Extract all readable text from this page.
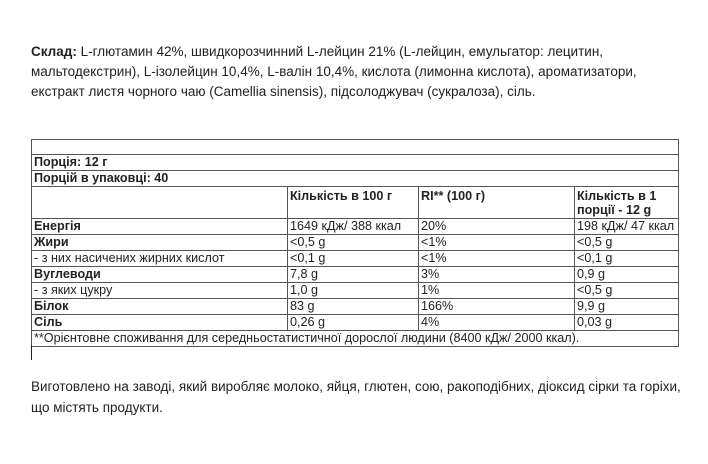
Склад: L-глютамин 42%, швидкорозчинний L-лейцин 21% (L-лейцин, емульгатор: лецитин, мальтодекстрин), L-ізолейцин 10,4%, L-валін 10,4%, кислота (лимонна кислота), ароматизатори, екстракт листя чорного чаю (Camellia sinensis), підсолоджувач (сукралоза), сіль.

Порція: 12 г			
Порцій в упаковці: 40			
	Кількість в 100 г	RI** (100 г)	Кількість в 1 порції - 12 g
Енергія	1649 кДж/ 388 ккал	20%	198 кДж/ 47 ккал
Жири	<0,5 g	<1%	<0,5 g
- з них насичених жирних кислот	<0,1 g	<1%	<0,1 g
Вуглеводи	7,8 g	3%	0,9 g
- з яких цукру	1,0 g	1%	<0,5 g
Білок	83 g	166%	9,9 g
Сіль	0,26 g	4%	0,03 g
**Орієнтовне споживання для середньостатистичної дорослої людини (8400 кДж/ 2000 ккал).			

Виготовлено на заводі, який виробляє молоко, яйця, глютен, сою, ракоподібних, діоксид сірки та горіхи, що містять продукти.
